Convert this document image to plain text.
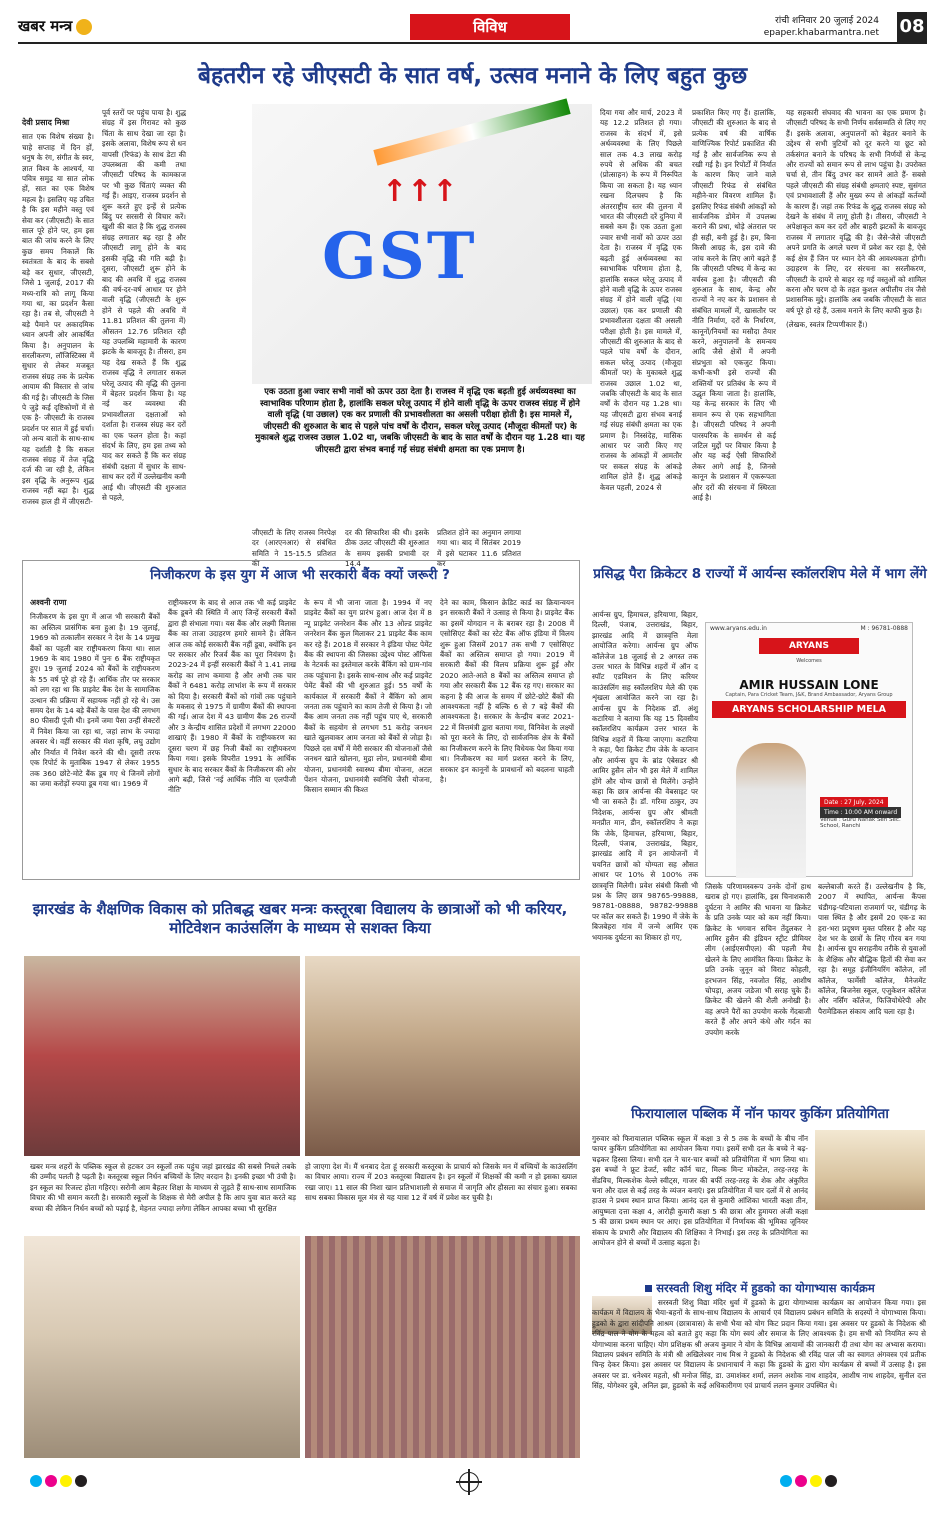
खबर मन्त्र	विविध	रांची शनिवार 20 जुलाई 2024
epaper.khabarmantra.net 08
बेहतरीन रहे जीएसटी के सात वर्ष, उत्सव मनाने के लिए बहुत कुछ
देवी प्रसाद मिश्रा

सात एक विशेष संख्या है। चाहे सप्ताह में दिन हों, धनुष के रंग, संगीत के स्वर, ज्ञात विश्व के आश्चर्य, या पवित्र समुद्र या सात लोक हों, सात का एक विशेष महत्व है। इसलिए यह उचित है कि इस महीने वस्तु एवं सेवा कर (जीएसटी) के सात साल पूरे होने पर, हम इस बात की जांच करने के लिए कुछ समय निकालें कि स्वतंत्रता के बाद के सबसे बड़े कर सुधार, जीएसटी, जिसे 1 जुलाई, 2017 की मध्य-रात्रि को लागू किया गया था, का प्रदर्शन कैसा रहा है। तब से, जीएसटी ने बड़े पैमाने पर अकादमिक ध्यान अपनी ओर आकर्षित किया है। अनुपालन के सरलीकरण, लॉजिस्टिक्स में सुधार से लेकर मजबूत राजस्व संग्रह तक के प्रत्येक आयाम की विस्तार से जांच की गई है। जीएसटी के जिस पे जुड़े कई दृष्टिकोणों में से एक है- जीएसटी के राजस्व प्रदर्शन पर सात में हुई चर्चा। जो अन्य बातों के साथ-साथ यह दर्शाती है कि सकल राजस्व संग्रह में तेज वृद्धि दर्ज की जा रही है, लेकिन इस वृद्धि के अनुरूप शुद्ध राजस्व नहीं बढ़ा है। शुद्ध राजस्व हाल ही में जीएसटी-

पूर्व स्तरों पर पहुंच पाया है। शुद्ध संग्रह में इस गिरावट को कुछ चिंता के साथ देखा जा रहा है। इसके अलावा, विशेष रूप से धन वापसी (रिफंड) के साथ डेटा की उपलब्धता की कमी तथा जीएसटी परिषद के कामकाज पर भी कुछ चिंताएं व्यक्त की गई हैं। आइए, राजस्व प्रदर्शन से शुरू करते हुए इन्हें से प्रत्येक बिंदु पर सरसरी से विचार करें। खुशी की बात है कि शुद्ध राजस्व संग्रह लगातार बढ़ रहा है और जीएसटी लागू होने के बाद इसकी वृद्धि की गति बढ़ी है। दूसरा, जीएसटी शुरू होने के बाद की अवधि में शुद्ध राजस्व की वर्ष-दर-वर्ष आधार पर होने वाली वृद्धि (जीएसटी के शुरू होने से पहले की अवधि में 11.81 प्रतिशत की तुलना में) औसतन 12.76 प्रतिशत रही यह उपलब्धि महामारी के कारण झटके के बावजूद है। तीसरा, हम यह देख सकते हैं कि शुद्ध राजस्व वृद्धि ने लगातार सकल घरेलू उत्पाद की वृद्धि की तुलना में बेहतर प्रदर्शन किया है। यह नई कर व्यवस्था की प्रभावशीलता दक्षताओं को दर्शाता है। राजस्व संग्रह कर दरों का एक फलन होता है। कहां संदर्भ के लिए, हम इस तथ्य को याद कर सकते हैं कि कर संग्रह संबंधी दक्षता में सुधार के साथ-साथ कर दरों में उल्लेखनीय कमी आई थी। जीएसटी की शुरुआत से पहले,

↑↑↑
GST
एक उठता हुआ ज्वार सभी नावों को ऊपर उठा देता है। राजस्व में वृद्धि एक बढ़ती हुई अर्थव्यवस्था का स्वाभाविक परिणाम होता है, हालांकि सकल घरेलू उत्पाद में होने वाली वृद्धि के ऊपर राजस्व संग्रह में होने वाली वृद्धि (या उछाल) एक कर प्रणाली की प्रभावशीलता का असली परीक्षा होती है। इस मामले में, जीएसटी की शुरुआत के बाद से पहले पांच वर्षों के दौरान, सकल घरेलू उत्पाद (मौजूदा कीमतों पर) के मुकाबले शुद्ध राजस्व उछाल 1.02 था, जबकि जीएसटी के बाद के सात वर्षों के दौरान यह 1.28 था। यह जीएसटी द्वारा संभव बनाई गई संग्रह संबंधी क्षमता का एक प्रमाण है।

जीएसटी के लिए राजस्व निरपेक्ष दर (आरएनआर) से संबंधित समिति ने 15-15.5 प्रतिशत की

दर की सिफारिश की थी। इसके ठीक उलट जीएसटी की शुरुआत के समय इसकी प्रभावी दर 14.4

प्रतिशत होने का अनुमान लगाया गया था। बाद में सितंबर 2019 में इसे घटाकर 11.6 प्रतिशत कर

दिया गया और मार्च, 2023 में यह 12.2 प्रतिशत हो गया। राजस्व के संदर्भ में, इसे अर्थव्यवस्था के लिए पिछले साल तक 4.3 लाख करोड़ रुपये से अधिक की बचत (प्रोत्साहन) के रूप में निरूपित किया जा सकता है। यह ध्यान रखना दिलचस्प है कि अंतरराष्ट्रीय स्तर की तुलना में भारत की जीएसटी दरें दुनिया में सबसे कम हैं। एक उठता हुआ ज्वार सभी नावों को ऊपर उठा देता है। राजस्व में वृद्धि एक बढ़ती हुई अर्थव्यवस्था का स्वाभाविक परिणाम होता है, हालांकि सकल घरेलू उत्पाद में होने वाली वृद्धि के ऊपर राजस्व संग्रह में होने वाली वृद्धि (या उछाल) एक कर प्रणाली की प्रभावशीलता दक्षता की असली परीक्षा होती है। इस मामले में, जीएसटी की शुरुआत के बाद से पहले पांच वर्षों के दौरान, सकल घरेलू उत्पाद (मौजूदा कीमतों पर) के मुकाबले शुद्ध राजस्व उछाल 1.02 था, जबकि जीएसटी के बाद के सात वर्षों के दौरान यह 1.28 था। यह जीएसटी द्वारा संभव बनाई गई संग्रह संबंधी क्षमता का एक प्रमाण है। निस्संदेह, मासिक आधार पर जारी किए गए राजस्व के आंकड़ों में आमतौर पर सकल संग्रह के आंकड़े शामिल होते हैं। शुद्ध आंकड़े केवल पहली, 2024 से

प्रकाशित किए गए हैं। हालांकि, जीएसटी की शुरुआत के बाद से प्रत्येक वर्ष की वार्षिक वाणिज्यिक रिपोर्ट प्रकाशित की गई है और सार्वजनिक रूप से रखी गई है। इन रिपोर्टों में निर्यात के कारण किए जाने वाले जीएसटी रिफंड से संबंधित महीने-वार विवरण शामिल हैं। इसलिए रिफंड संबंधी आंकड़ों को सार्वजनिक डोमेन में उपलब्ध कराने की प्रथा, थोड़े अंतराल पर ही सही, बनी हुई है। हम, बिना किसी आग्रह के, इस दावे की जांच करने के लिए आगे बढ़ते हैं कि जीएसटी परिषद में केन्द्र का वर्चस्व हुआ है। जीएसटी की शुरुआत के साथ, केन्द्र और राज्यों ने नए कर के प्रशासन से संबंधित मामलों में, खासतौर पर नीति निर्माण, दरों के निर्धारण, कानूनों/नियमों का मसौदा तैयार करने, अनुपालनों के समन्वय आदि जैसे क्षेत्रों में अपनी संप्रभुता को एकजुट किया। कभी-कभी इसे राज्यों की शक्तियों पर प्रतिबंध के रूप में उद्धृत किया जाता है। हालांकि, यह केन्द्र सरकार के लिए भी समान रूप से एक सहभागिता है। जीएसटी परिषद ने अपनी पारस्परिक के समर्थन से कई जटिल मुद्दों पर विचार किया है और यह कई ऐसी सिफारिशें लेकर आगे आई है, जिनसे कानून के प्रशासन में एकरूपता और दरों की संरचना में स्थिरता आई है।

यह सहकारी संघवाद की भावना का एक प्रमाण है। जीएसटी परिषद के सभी निर्णय सर्वसम्मति से लिए गए हैं। इसके अलावा, अनुपालनों को बेहतर बनाने के उद्देश्य से सभी त्रुटियों को दूर करने या छूट को तर्कसंगत बनाने के परिषद के सभी निर्णयों से केन्द्र और राज्यों को समान रूप से लाभ पहुंचा है। उपरोक्त चर्चा से, तीन बिंदु उभर कर सामने आते हैं- सबसे पहले जीएसटी की संग्रह संबंधी क्षमताएं स्पष्ट, सुसंगत एवं प्रभावशाली हैं और मुख्य रूप से आंकड़ों कर्तव्यों के कारण हैं। जहां तक रिफंड के शुद्ध राजस्व संग्रह को देखने के संबंध में लागू होती है। तीसरा, जीएसटी ने अपेक्षाकृत कम कर दरों और बाहरी झटकों के बावजूद राजस्व में लगातार वृद्धि की है। जैसे-जैसे जीएसटी अपने प्रगति के अगले चरण में प्रवेश कर रहा है, ऐसे कई क्षेत्र हैं जिन पर ध्यान देने की आवश्यकता होगी। उदाहरण के लिए, दर संरचना का सरलीकरण, जीएसटी के दायरे से बाहर रह गई वस्तुओं को शामिल करना और चरण दो के तहत कुशल अपीलीय तंत्र जैसे प्रशासनिक मुद्दे। हालांकि अब जबकि जीएसटी के सात वर्ष पूरे हो रहे हैं, उत्सव मनाने के लिए काफी कुछ है।

(लेखक, स्वतंत्र टिप्पणीकार हैं।)

निजीकरण के इस युग में आज भी सरकारी बैंक क्यों जरूरी ?
अश्वनी राणा

निजीकरण के इस युग में आज भी सरकारी बैंकों का अस्तित्व प्रासंगिक बना हुआ है। 19 जुलाई, 1969 को तत्कालीन सरकार ने देश के 14 प्रमुख बैंकों का पहली बार राष्ट्रीयकरण किया था। साल 1969 के बाद 1980 में पुनः 6 बैंक राष्ट्रीयकृत हुए। 19 जुलाई 2024 को बैंकों के राष्ट्रीयकरण के 55 वर्ष पूरे हो रहे हैं। आर्थिक तौर पर सरकार को लग रहा था कि प्राइवेट बैंक देश के सामाजिक उत्थान की प्रक्रिया में सहायक नहीं हो रहे थे। उस समय देश के 14 बड़े बैंकों के पास देश की लगभग 80 फीसदी पूंजी थी। इनमें जमा पैसा उन्हीं सेक्टरों में निवेश किया जा रहा था, जहां लाभ के ज्यादा अवसर थे। वहीं सरकार की मंशा कृषि, लघु उद्योग और निर्यात में निवेश करने की थी। दूसरी तरफ एक रिपोर्ट के मुताबिक 1947 से लेकर 1955 तक 360 छोटे-मोटे बैंक डूब गए थे जिनमें लोगों का जमा करोड़ों रुपया डूब गया था। 1969 में

राष्ट्रीयकरण के बाद से आज तक भी कई प्राइवेट बैंक डूबने की स्थिति में आए जिन्हें सरकारी बैंकों द्वारा ही संभाला गया। यस बैंक और लक्ष्मी विलास बैंक का ताजा उदाहरण हमारे सामने है। लेकिन आज तक कोई सरकारी बैंक नहीं डूबा, क्योंकि इन पर सरकार और रिजर्व बैंक का पूरा नियंत्रण है। 2023-24 में इन्हीं सरकारी बैंकों ने 1.41 लाख करोड़ का लाभ कमाया है और अभी तक चार बैंकों ने 6481 करोड़ लाभांश के रूप में सरकार को दिया है। सरकारी बैंकों को गांवों तक पहुंचाने के मकसद से 1975 में ग्रामीण बैंकों की स्थापना की गई। आज देश में 43 ग्रामीण बैंक 26 राज्यों और 3 केन्द्रीय शासित प्रदेशों में लगभग 22000 शाखाएं हैं। 1980 में बैंकों के राष्ट्रीयकरण का दूसरा चरण में छह निजी बैंकों का राष्ट्रीयकरण किया गया। इसके विपरीत 1991 के आर्थिक सुधार के बाद सरकार बैंकों के निजीकरण की ओर आगे बढ़ी, जिसे 'नई आर्थिक नीति या एलपीजी नीति'

के रूप में भी जाना जाता है। 1994 में नए प्राइवेट बैंकों का युग प्रारंभ हुआ। आज देश में 8 न्यू प्राइवेट जनरेशन बैंक और 13 ओल्ड प्राइवेट जनरेशन बैंक कुल मिलाकर 21 प्राइवेट बैंक काम कर रहे हैं। 2018 में सरकार ने इंडिया पोस्ट पेमेंट बैंक की स्थापना की जिसका उद्देश्य पोस्ट ऑफिस के नेटवर्क का इस्तेमाल करके बैंकिंग को ग्राम-गांव तक पहुंचाना है। इसके साथ-साथ और कई प्राइवेट पेमेंट बैंकों की भी शुरुआत हुई। 55 वर्षों के कार्यकाल में सरकारी बैंकों ने बैंकिंग को आम जनता तक पहुंचाने का काम तेजी से किया है। जो बैंक आम जनता तक नहीं पहुंच पाए थे, सरकारी बैंकों के सहयोग से लगभग 51 करोड़ जनधन खाते खुलवाकर आम जनता को बैंकों से जोड़ा है। पिछले दस वर्षों में मेरी सरकार की योजनाओं जैसे जनधन खाते खोलना, मुद्रा लोन, प्रधानमंत्री बीमा योजना, प्रधानमंत्री स्वास्थ्य बीमा योजना, अटल पेंशन योजना, प्रधानमंत्री स्वनिधि जैसी योजना, किसान सम्मान की किश्त

देने का काम, किसान क्रेडिट कार्ड का क्रियान्वयन इन सरकारी बैंकों ने उत्साह से किया है। प्राइवेट बैंक का इसमें योगदान न के बराबर रहा है। 2008 में एसोसिएट बैंकों का स्टेट बैंक ऑफ इंडिया में विलय शुरू हुआ जिसमें 2017 तक सभी 7 एसोसिएट बैंकों का अस्तित्व समाप्त हो गया। 2019 में सरकारी बैंकों की विलय प्रक्रिया शुरू हुई और 2020 आते-आते 8 बैंकों का अस्तित्व समाप्त हो गया और सरकारी बैंक 12 बैंक रह गए। सरकार का कहना है की आज के समय में छोटे-छोटे बैंकों की आवश्यकता नहीं है बल्कि 6 से 7 बड़े बैंकों की आवश्यकता है। सरकार के केन्द्रीय बजट 2021-22 में वित्तमंत्री द्वारा बताया गया, विनिवेश के लक्ष्यों को पूरा करने के लिए, दो सार्वजनिक क्षेत्र के बैंकों का निजीकरण करने के लिए विधेयक पेश किया गया था। निजीकरण का मार्ग प्रशस्त करने के लिए, सरकार इन कानूनों के प्रावधानों को बदलना चाहती है।

प्रसिद्ध पैरा क्रिकेटर 8 राज्यों में आर्यन्स स्कॉलरशिप मेले में भाग लेंगे

आर्यन्स ग्रुप, हिमाचल, हरियाणा, बिहार, दिल्ली, पंजाब, उत्तराखंड, बिहार, झारखंड आदि में छात्रवृत्ति मेला आयोजित करेगा। आर्यन्स ग्रुप ऑफ कॉलेजेज 18 जुलाई से 2 अगस्त तक उत्तर भारत के विभिन्न शहरों में ऑन द स्पॉट एडमिशन के लिए करियर काउंसलिंग सह स्कॉलरशिप मेले की एक शृंखला आयोजित करने जा रहा है। आर्यन्स ग्रुप के निदेशक डॉ. अंशु कटारिया ने बताया कि यह 15 दिवसीय स्कॉलरशिप कार्यक्रम उत्तर भारत के विभिन्न शहरों में किया जाएगा। कटारिया ने कहा, पैरा क्रिकेट टीम जेके के कप्तान और आर्यन्स ग्रुप के ब्रांड एंबेसडर श्री आमिर हुसैन लोन भी इस मेले में शामिल होंगे और योग्य छात्रों से मिलेंगे। उन्होंने कहा कि छात्र आर्यन्स की वेबसाइट पर भी जा सकते हैं। डॉ. गरिमा ठाकुर, उप निदेशक, आर्यन्स ग्रुप और श्रीमती मनप्रीत मान, डीन, स्कॉलरशिप ने कहा कि जेके, हिमाचल, हरियाणा, बिहार, दिल्ली, पंजाब, उत्तराखंड, बिहार, झारखंड आदि में इन आयोजनों में चयनित छात्रों को योग्यता सह औसत आधार पर 10% से 100% तक छात्रवृत्ति मिलेगी। प्रवेश संबंधी किसी भी प्रश्न के लिए छात्र 98765-99888, 98781-08888, 98782-99888 पर कॉल कर सकते हैं। 1990 में जेके के बिजबेहरा गांव में जन्मे आमिर एक भयानक दुर्घटना का शिकार हो गए,

जिसके परिणामस्वरूप उनके दोनों हाथ खराब हो गए। हालांकि, इस चिनाशकारी दुर्घटना ने आमिर की भावना या क्रिकेट के प्रति उनके प्यार को कम नहीं किया। क्रिकेट के भगवान सचिन तेंदुलकर ने आमिर हुसैन की इंडियन स्ट्रीट प्रीमियर लीग (आईएसपीएल) की पहली मैच खेलने के लिए आमंत्रित किया। क्रिकेट के प्रति उनके जुनून को विराट कोहली, हरभजन सिंह, नवजोत सिंह, आशीष चोपड़ा, अजय जडेजा भी सराह चुके हैं। क्रिकेट की खेलने की शैली अनोखी है। वह अपने पैरों का उपयोग करके गेंदबाजी करते हैं और अपने कंधे और गर्दन का उपयोग करके

बल्लेबाजी करते हैं। उल्लेखनीय है कि, 2007 में स्थापित, आर्यन्स कैंपस चंडीगढ़-पटियाला राजमार्ग पर, चंडीगढ़ के पास स्थित है और इसमें 20 एक-ड का हरा-भरा प्रदूषण मुक्त परिसर है और यह देश भर के छात्रों के लिए गौरव बन गया है। आर्यन्स ग्रुप सराहनीय तरीके से युवाओं के शैक्षिक और बौद्धिक हितों की सेवा कर रहा है। समूह इंजीनियरिंग कॉलेज, लॉ कॉलेज, फार्मेसी कॉलेज, मैनेजमेंट कॉलेज, बिजनेस स्कूल, एजुकेशन कॉलेज और नर्सिंग कॉलेज, फिजियोथेरेपी और पैरामेडिकल संकाय आदि चला रहा है।

www.aryans.edu.in	M : 96781-0888
ARYANS
Welcomes
AMIR HUSSAIN LONE
Captain, Para Cricket Team, J&K, Brand Ambassador, Aryans Group
ARYANS SCHOLARSHIP MELA
Date : 27 July, 2024
Time : 10:00 AM onward
Venue : Guru Nanak Sen Sec. School, Ranchi
झारखंड के शैक्षणिक विकास को प्रतिबद्ध खबर मन्त्रः कस्तूरबा विद्यालय के छात्राओं को भी करियर, मोटिवेशन काउंसलिंग के माध्यम से सशक्त किया
खबर मन्त्र शहरों के पब्लिक स्कूल से हटकर उन स्कूलों तक पहुंच जहां झारखंड की सबसे निचले तबके की उम्मीद पलती है पढ़ती है। कस्तूरबा स्कूल निर्धन बच्चियों के लिए वरदान है। इनकी इच्छा भी उंची है। इन स्कूल का रिजल्ट होता गहिरए। सरोनी आम बैहतर शिक्षा के माध्यम से जुड़ते हैं साथ-साथ सामाजिक विचार की भी समान करती है। सरकारी स्कूलों के शिक्षक से मेरी अपील है कि आप युवा बात करते बड़ बच्चा की लेकिन निर्धन बच्चों को पढ़ाई है, मेहनत ज्यादा लगेगा लेकिन आपका बच्चा भी सुरक्षित
हो जाएगा देश में। मैं धनबाद देता हूं सरकारी कस्तूरबा के प्राचार्य को जिसके मन में बच्चियों के काउंसलिंग का विचार आया। राज्य में 203 कस्तूरबा विद्यालय है। इन स्कूलों में शिक्षकों की कमी न हो इसका ख्याल रखा जाए। 11 साल की निशा खान प्रतिभाशाली से समाज में जागृति और हौसला का संचार हुआ। सबका साथ सबका विकास मूल मंत्र से यह यात्रा 12 वें वर्ष में प्रवेश कर चुकी है।
फिरायालाल पब्लिक में नॉन फायर कुकिंग प्रतियोगिता
गुरुवार को फिरायालाल पब्लिक स्कूल में कक्षा 3 से 5 तक के बच्चों के बीच नॉन फायर कुकिंग प्रतियोगिता का आयोजन किया गया। इसमें सभी दल के बच्चे ने बढ़-चढ़कर हिस्सा लिया। सभी दल ने चार-चार बच्चों को प्रतियोगिता में भाग लिया था। इस बच्चों ने फ्रूट डेजर्ट, स्वीट कॉर्न चाट, मिल्क मिन्ट मोकटेल, तरह-तरह के सेंडविच, मिल्कशेक वेल्ले स्वीट्स, गाजर की बर्फी तरह-तरह के शेक और अंकुरित चना और दाल से कई तरह के व्यंजन बनाएं। इस प्रतियोगिता में चार दलों में से आनंद हाउस ने प्रथम स्थान प्राप्त किया। आनंद दल से कुमारी आंशिका भारती कक्षा तीन, आयुष्मता दत्ता कक्षा 4, आरोही कुमारी कक्षा 5 की छात्रा और हुमायरा अंजी कक्षा 5 की छात्रा प्रथम स्थान पर आए। इस प्रतियोगिता में निर्णायक की भूमिका जूनियर संकाय के प्रभारी और विद्यालय की शिक्षिका ने निभाई। इस तरह के प्रतियोगिता का आयोजन होने से बच्चों में उत्साह बढ़ता है।
सरस्वती शिशु मंदिर में हुडको का योगाभ्यास कार्यक्रम
सरस्वती शिशु विद्या मंदिर धुर्वा में हुडको के द्वारा योगाभ्यास कार्यक्रम का आयोजन किया गया। इस कार्यक्रम में विद्यालय के भैया-बहनों के साथ-साथ विद्यालय के आचार्य एवं विद्यालय प्रबंधन समिति के सदस्यों ने योगाभ्यास किया। हुडको के द्वारा सांदीपनि आश्रम (छात्रावास) के सभी भैया को योग किट प्रदान किया गया। इस अवसर पर हुडको के निदेशक श्री रविंद्र पाल ने योग के महत्व को बताते हुए कहा कि योग स्वयं और समाज के लिए आवश्यक है। हम सभी को नियमित रूप से योगाभ्यास करना चाहिए। योग प्रशिक्षक श्री अजय कुमार ने योग के विभिन्न आयामों की जानकारी दी तथा योग का अभ्यास कराया। विद्यालय प्रबंधन समिति के मंत्री श्री अखिलेश्वर नाथ मिश्र ने हुडको के निदेशक श्री रविंद्र पाल जी का स्वागत अंगवस्त्र एवं प्रतीक चिन्ह देकर किया। इस अवसर पर विद्यालय के प्रधानाचार्य ने कहा कि हुडको के द्वारा योग कार्यक्रम से बच्चों में उत्साह है। इस अवसर पर डा. धनेश्वर महतो, श्री मनोज सिंह, डा. उमाशंकर शर्मा, ललन अशोक नाथ शाहदेव, आशीष नाथ शाहदेव, सुनील दत्त सिंह, योगेश्वर दुबे, अनिल झा, हुडको के कई अधिकारीगण एवं प्राचार्य ललन कुमार उपस्थित थे।
